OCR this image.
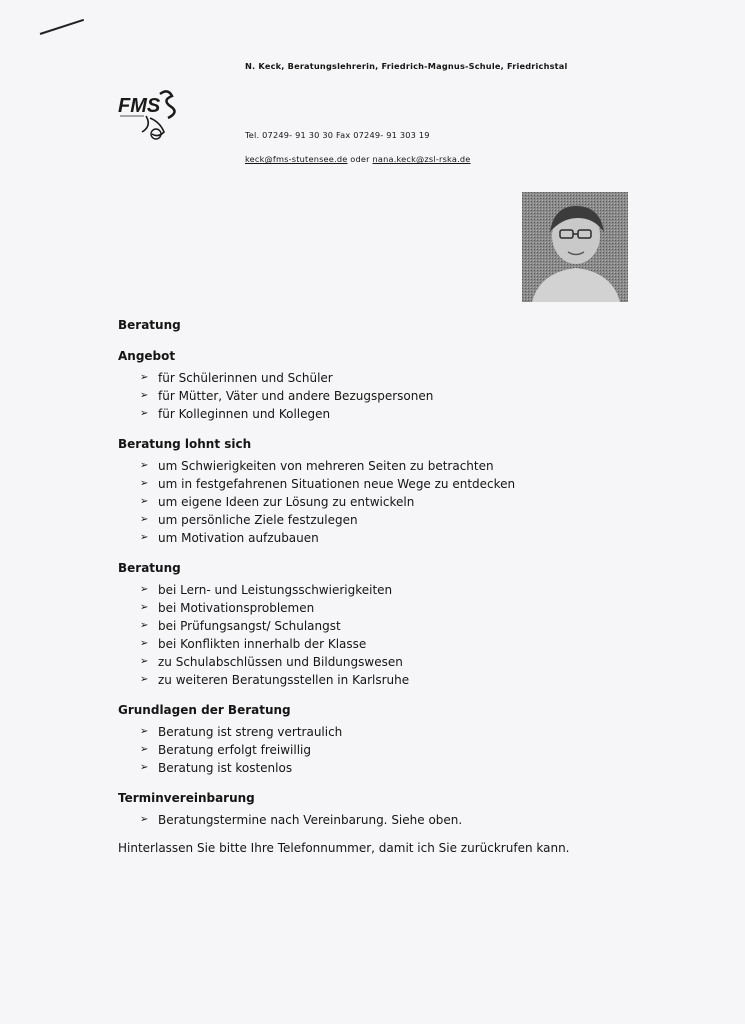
FMS
N. Keck, Beratungslehrerin, Friedrich-Magnus-Schule, Friedrichstal
Tel. 07249- 91 30 30 Fax 07249- 91 303 19
keck@fms-stutensee.de oder nana.keck@zsl-rska.de
Beratung
Angebot
➢ für Schülerinnen und Schüler
➢ für Mütter, Väter und andere Bezugspersonen
➢ für Kolleginnen und Kollegen
Beratung lohnt sich
➢ um Schwierigkeiten von mehreren Seiten zu betrachten
➢ um in festgefahrenen Situationen neue Wege zu entdecken
➢ um eigene Ideen zur Lösung zu entwickeln
➢ um persönliche Ziele festzulegen
➢ um Motivation aufzubauen
Beratung
➢ bei Lern- und Leistungsschwierigkeiten
➢ bei Motivationsproblemen
➢ bei Prüfungsangst/ Schulangst
➢ bei Konflikten innerhalb der Klasse
➢ zu Schulabschlüssen und Bildungswesen
➢ zu weiteren Beratungsstellen in Karlsruhe
Grundlagen der Beratung
➢ Beratung ist streng vertraulich
➢ Beratung erfolgt freiwillig
➢ Beratung ist kostenlos
Terminvereinbarung
➢ Beratungstermine nach Vereinbarung. Siehe oben.
Hinterlassen Sie bitte Ihre Telefonnummer, damit ich Sie zurückrufen kann.
